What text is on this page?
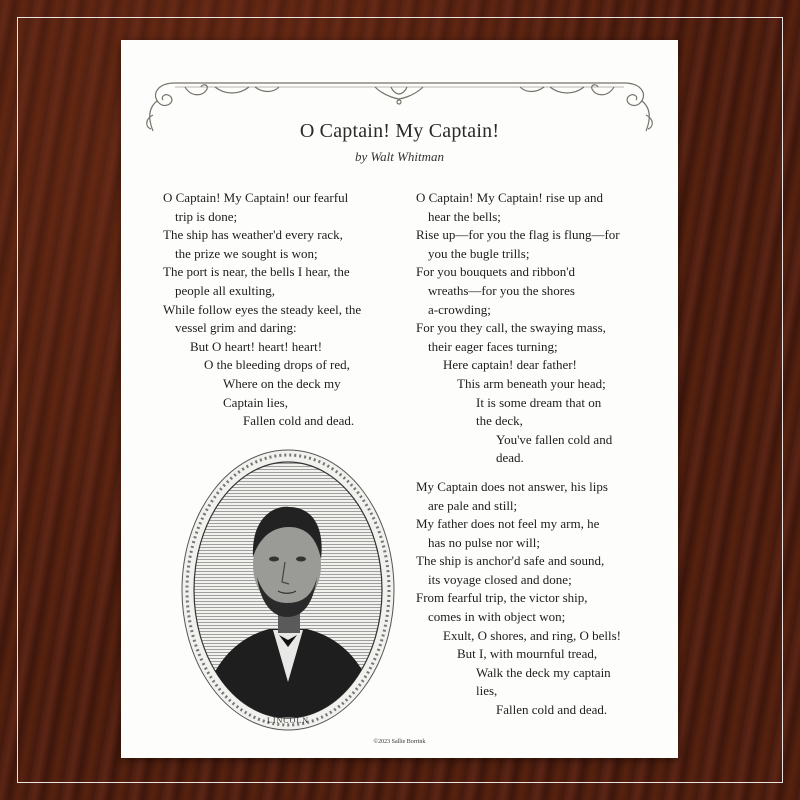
O Captain! My Captain!
by Walt Whitman
O Captain! My Captain! our fearful
trip is done;
The ship has weather'd every rack,
the prize we sought is won;
The port is near, the bells I hear, the
people all exulting,
While follow eyes the steady keel, the
vessel grim and daring:
But O heart! heart! heart!
O the bleeding drops of red,
Where on the deck my
Captain lies,
Fallen cold and dead.
O Captain! My Captain! rise up and
hear the bells;
Rise up—for you the flag is flung—for
you the bugle trills;
For you bouquets and ribbon'd
wreaths—for you the shores
a-crowding;
For you they call, the swaying mass,
their eager faces turning;
Here captain! dear father!
This arm beneath your head;
It is some dream that on
the deck,
You've fallen cold and
dead.
My Captain does not answer, his lips
are pale and still;
My father does not feel my arm, he
has no pulse nor will;
The ship is anchor'd safe and sound,
its voyage closed and done;
From fearful trip, the victor ship,
comes in with object won;
Exult, O shores, and ring, O bells!
But I, with mournful tread,
Walk the deck my captain
lies,
Fallen cold and dead.
LINCOLN
©2023 Sallie Borrink
